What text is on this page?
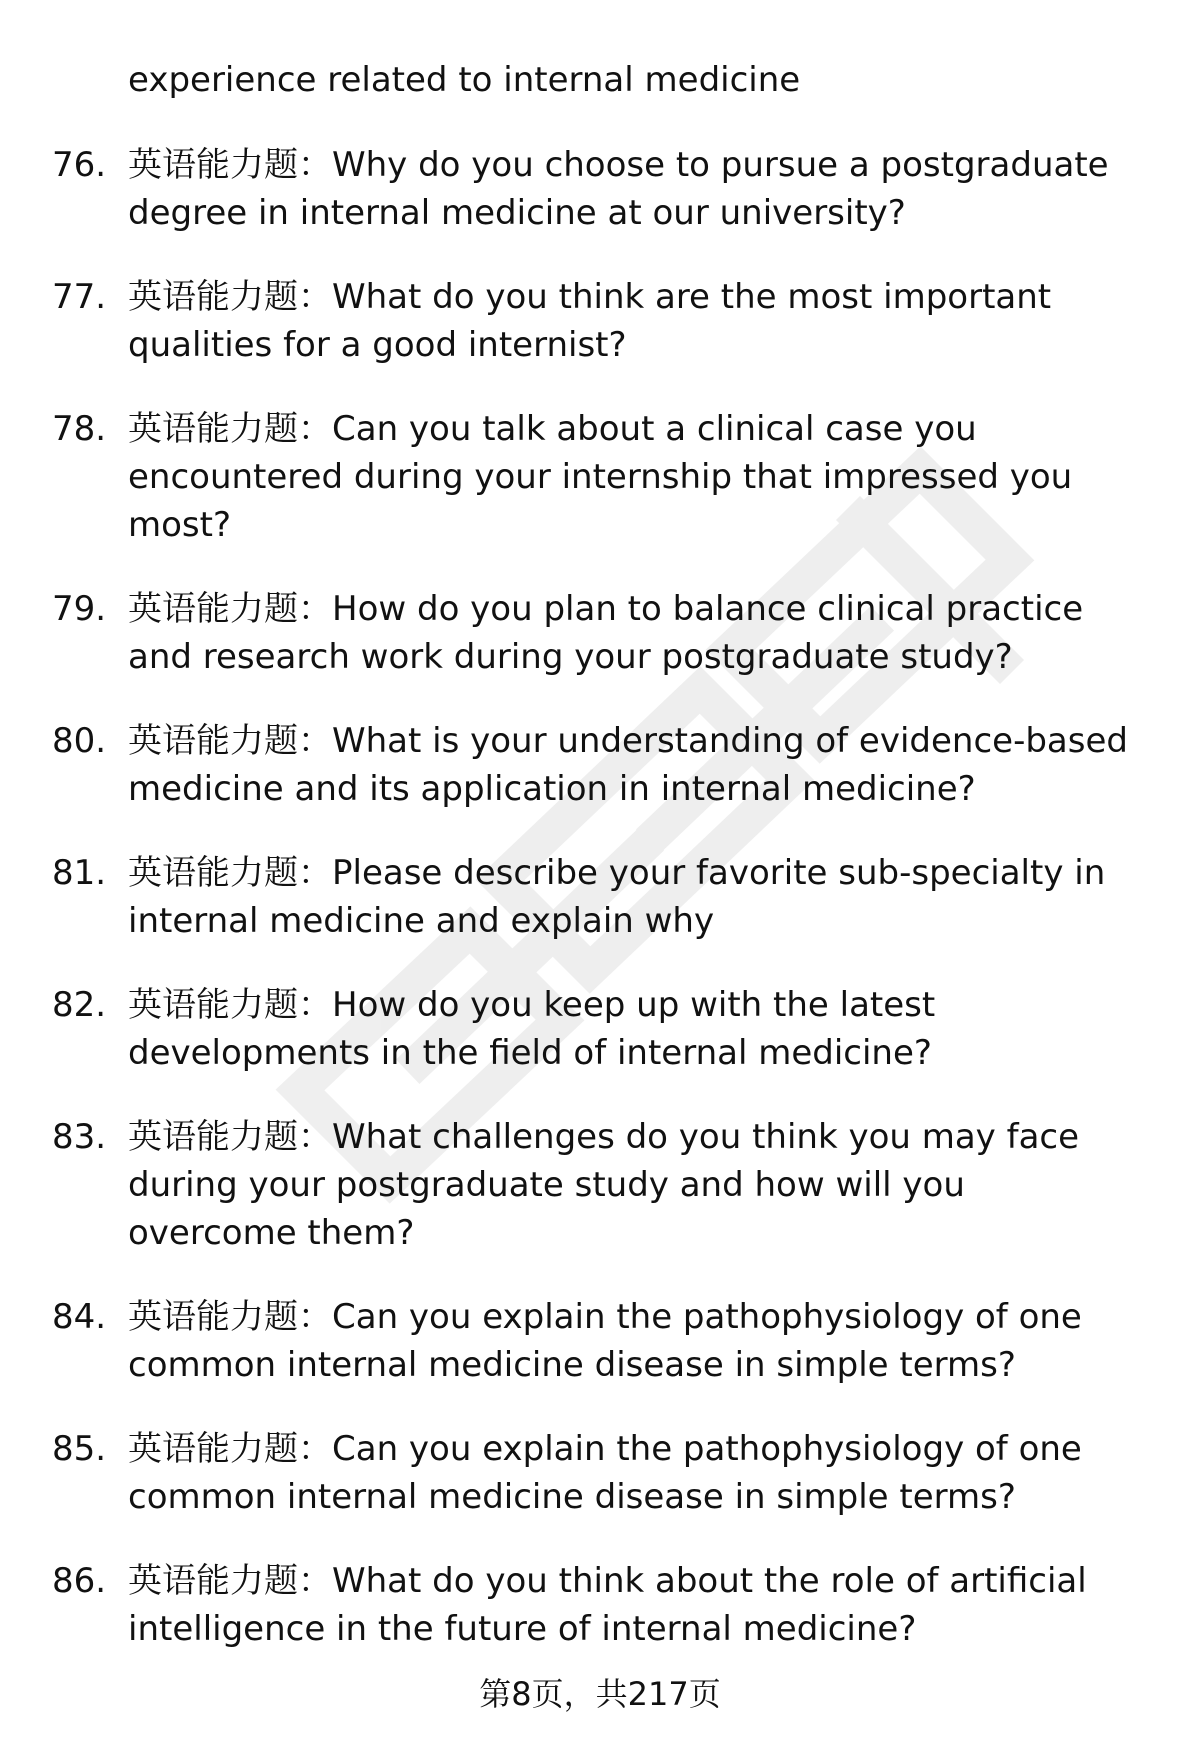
experience related to internal medicine
76. 英语能力题：Why do you choose to pursue a postgraduate
degree in internal medicine at our university?
77. 英语能力题：What do you think are the most important
qualities for a good internist?
78. 英语能力题：Can you talk about a clinical case you
encountered during your internship that impressed you
most?
79. 英语能力题：How do you plan to balance clinical practice
and research work during your postgraduate study?
80. 英语能力题：What is your understanding of evidence-based
medicine and its application in internal medicine?
81. 英语能力题：Please describe your favorite sub-specialty in
internal medicine and explain why
82. 英语能力题：How do you keep up with the latest
developments in the field of internal medicine?
83. 英语能力题：What challenges do you think you may face
during your postgraduate study and how will you
overcome them?
84. 英语能力题：Can you explain the pathophysiology of one
common internal medicine disease in simple terms?
85. 英语能力题：Can you explain the pathophysiology of one
common internal medicine disease in simple terms?
86. 英语能力题：What do you think about the role of artificial
intelligence in the future of internal medicine?
第8页，共217页
